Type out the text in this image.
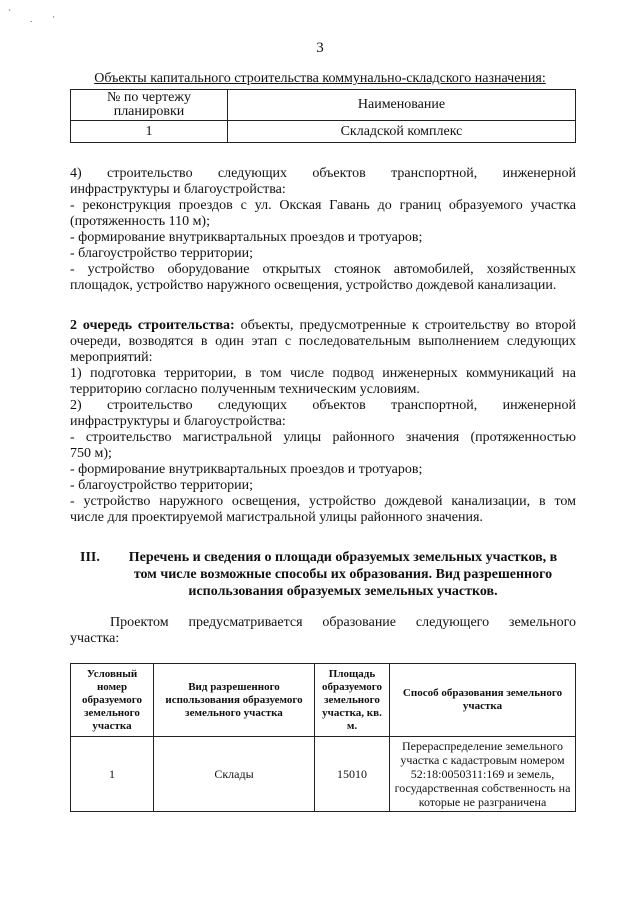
`
. ·
3
Объекты капитального строительства коммунально-складского назначения:
№ по чертежу планировки	Наименование
1	Складской комплекс
4) строительство следующих объектов транспортной, инженерной
инфраструктуры и благоустройства:
- реконструкция проездов с ул. Окская Гавань до границ образуемого участка
(протяженность 110 м);
- формирование внутриквартальных проездов и тротуаров;
- благоустройство территории;
- устройство оборудование открытых стоянок автомобилей, хозяйственных
площадок, устройство наружного освещения, устройство дождевой канализации.
2 очередь строительства: объекты, предусмотренные к строительству во второй
очереди, возводятся в один этап с последовательным выполнением следующих
мероприятий:
1) подготовка территории, в том числе подвод инженерных коммуникаций на
территорию согласно полученным техническим условиям.
2) строительство следующих объектов транспортной, инженерной
инфраструктуры и благоустройства:
- строительство магистральной улицы районного значения (протяженностью
750 м);
- формирование внутриквартальных проездов и тротуаров;
- благоустройство территории;
- устройство наружного освещения, устройство дождевой канализации, в том
числе для проектируемой магистральной улицы районного значения.
III.	Перечень и сведения о площади образуемых земельных участков, в
том числе возможные способы их образования. Вид разрешенного
использования образуемых земельных участков.
Проектом предусматривается образование следующего земельного
участка:
Условный номер образуемого земельного участка	Вид разрешенного использования образуемого земельного участка	Площадь образуемого земельного участка, кв. м.	Способ образования земельного участка
1	Склады	15010	Перераспределение земельного участка с кадастровым номером 52:18:0050311:169 и земель, государственная собственность на которые не разграничена
